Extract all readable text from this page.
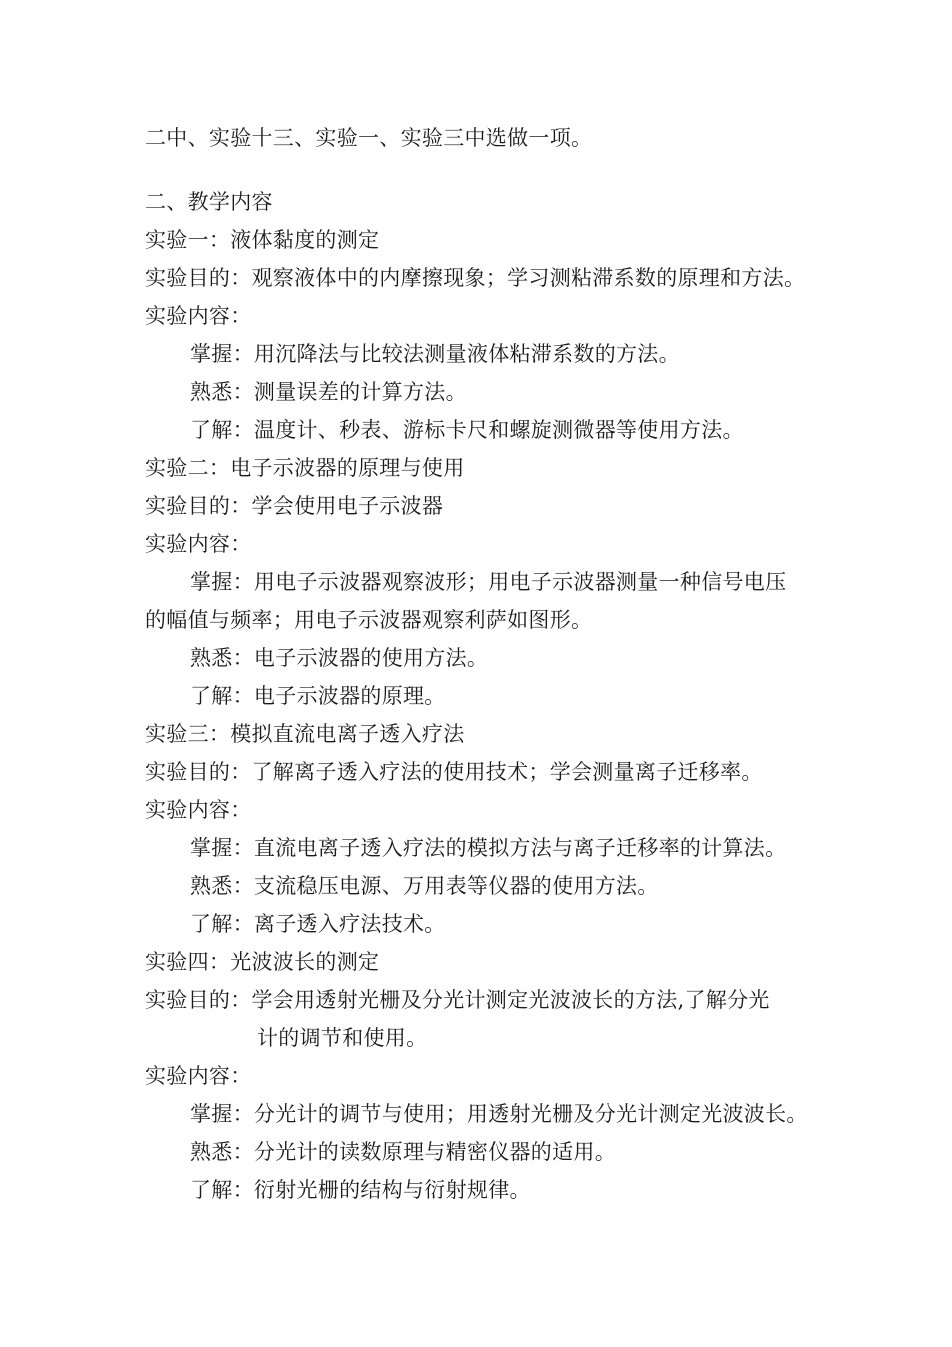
二中、实验十三、实验一、实验三中选做一项。
二、教学内容
实验一：液体黏度的测定
实验目的：观察液体中的内摩擦现象；学习测粘滞系数的原理和方法。
实验内容：
掌握：用沉降法与比较法测量液体粘滞系数的方法。
熟悉：测量误差的计算方法。
了解：温度计、秒表、游标卡尺和螺旋测微器等使用方法。
实验二：电子示波器的原理与使用
实验目的：学会使用电子示波器
实验内容：
掌握：用电子示波器观察波形；用电子示波器测量一种信号电压
的幅值与频率；用电子示波器观察利萨如图形。
熟悉：电子示波器的使用方法。
了解：电子示波器的原理。
实验三：模拟直流电离子透入疗法
实验目的：了解离子透入疗法的使用技术；学会测量离子迁移率。
实验内容：
掌握：直流电离子透入疗法的模拟方法与离子迁移率的计算法。
熟悉：支流稳压电源、万用表等仪器的使用方法。
了解：离子透入疗法技术。
实验四：光波波长的测定
实验目的：学会用透射光栅及分光计测定光波波长的方法,了解分光
计的调节和使用。
实验内容：
掌握：分光计的调节与使用；用透射光栅及分光计测定光波波长。
熟悉：分光计的读数原理与精密仪器的适用。
了解：衍射光栅的结构与衍射规律。
